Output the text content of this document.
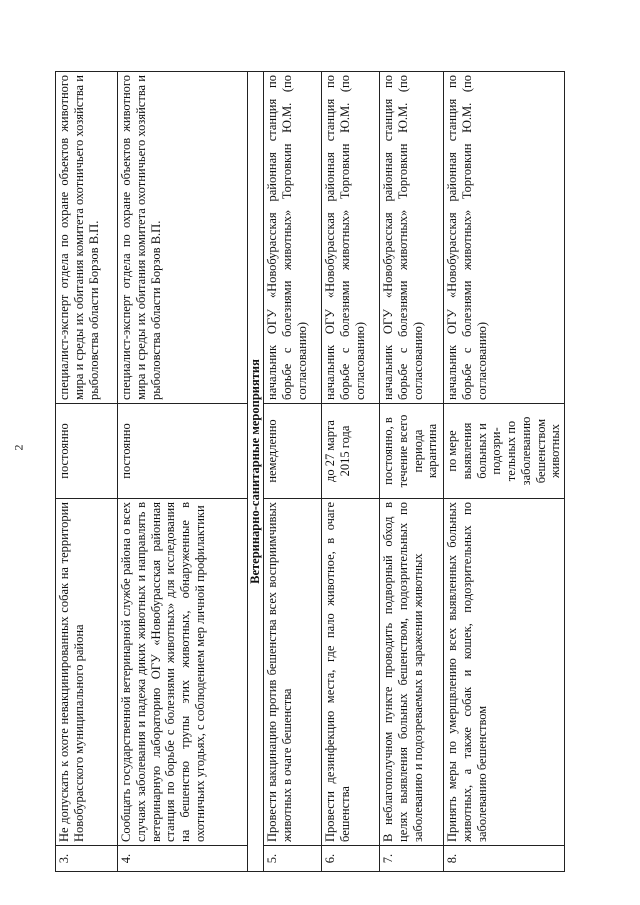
2
3.	Не допускать к охоте невакцинированных собак на территории Новобурасского муниципального района	постоянно	специалист-эксперт отдела по охране объектов животного мира и среды их обитания комитета охотничьего хозяйства и рыболовства области Борзов В.П.
4.	Сообщать государственной ветеринарной службе района о всех случаях заболевания и падежа диких животных и направлять в ветеринарную лабораторию ОГУ «Новобурасская районная станция по борьбе с болезнями животных» для исследования на бешенство трупы этих животных, обнаруженные в охотничьих угодьях, с соблюдением мер личной профилактики	постоянно	специалист-эксперт отдела по охране объектов животного мира и среды их обитания комитета охотничьего хозяйства и рыболовства области Борзов В.П.
Ветеринарно-санитарные мероприятия			
5.	Провести вакцинацию против бешенства всех восприимчивых животных в очаге бешенства	немедленно	начальник ОГУ «Новобурасская районная станция по борьбе с болезнями животных» Торговкин Ю.М. (по согласованию)
6.	Провести дезинфекцию места, где пало животное, в очаге бешенства	до 27 марта 2015 года	начальник ОГУ «Новобурасская районная станция по борьбе с болезнями животных» Торговкин Ю.М. (по согласованию)
7.	В неблагополучном пункте проводить подворный обход в целях выявления больных бешенством, подозрительных по заболеванию и подозреваемых в заражении животных	постоянно, в течение всего периода карантина	начальник ОГУ «Новобурасская районная станция по борьбе с болезнями животных» Торговкин Ю.М. (по согласованию)
8.	Принять меры по умерщвлению всех выявленных больных животных, а также собак и кошек, подозрительных по заболеванию бешенством	по мере выявления больных и подозри-тельных по заболеванию бешенством животных	начальник ОГУ «Новобурасская районная станция по борьбе с болезнями животных» Торговкин Ю.М. (по согласованию)
